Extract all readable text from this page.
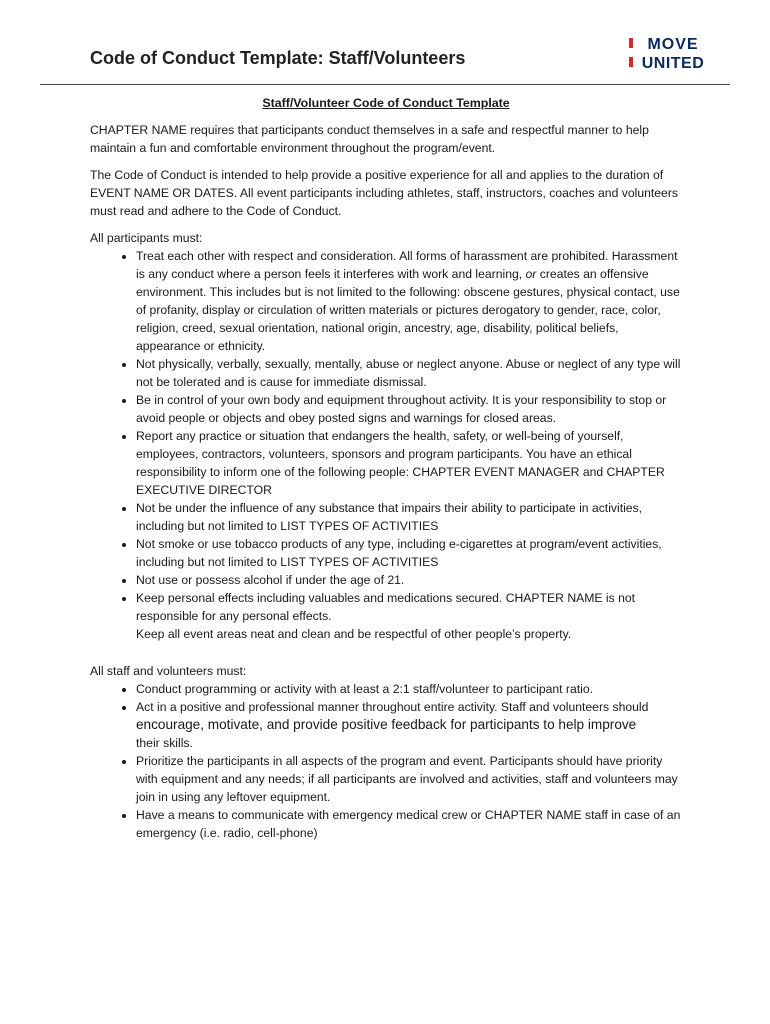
Code of Conduct Template: Staff/Volunteers
MOVE
UNITED
Staff/Volunteer Code of Conduct Template

CHAPTER NAME requires that participants conduct themselves in a safe and respectful manner to help maintain a fun and comfortable environment throughout the program/event.

The Code of Conduct is intended to help provide a positive experience for all and applies to the duration of EVENT NAME OR DATES. All event participants including athletes, staff, instructors, coaches and volunteers must read and adhere to the Code of Conduct.

All participants must:
• Treat each other with respect and consideration. All forms of harassment are prohibited. Harassment is any conduct where a person feels it interferes with work and learning, or creates an offensive environment. This includes but is not limited to the following: obscene gestures, physical contact, use of profanity, display or circulation of written materials or pictures derogatory to gender, race, color, religion, creed, sexual orientation, national origin, ancestry, age, disability, political beliefs, appearance or ethnicity.
• Not physically, verbally, sexually, mentally, abuse or neglect anyone. Abuse or neglect of any type will not be tolerated and is cause for immediate dismissal.
• Be in control of your own body and equipment throughout activity. It is your responsibility to stop or avoid people or objects and obey posted signs and warnings for closed areas.
• Report any practice or situation that endangers the health, safety, or well-being of yourself, employees, contractors, volunteers, sponsors and program participants. You have an ethical responsibility to inform one of the following people: CHAPTER EVENT MANAGER and CHAPTER EXECUTIVE DIRECTOR
• Not be under the influence of any substance that impairs their ability to participate in activities, including but not limited to LIST TYPES OF ACTIVITIES
• Not smoke or use tobacco products of any type, including e-cigarettes at program/event activities, including but not limited to LIST TYPES OF ACTIVITIES
• Not use or possess alcohol if under the age of 21.
• Keep personal effects including valuables and medications secured. CHAPTER NAME is not responsible for any personal effects.
Keep all event areas neat and clean and be respectful of other people’s property.
All staff and volunteers must:
• Conduct programming or activity with at least a 2:1 staff/volunteer to participant ratio.
• Act in a positive and professional manner throughout entire activity. Staff and volunteers should
encourage, motivate, and provide positive feedback for participants to help improve
their skills.
• Prioritize the participants in all aspects of the program and event. Participants should have priority with equipment and any needs; if all participants are involved and activities, staff and volunteers may join in using any leftover equipment.
• Have a means to communicate with emergency medical crew or CHAPTER NAME staff in case of an emergency (i.e. radio, cell-phone)
